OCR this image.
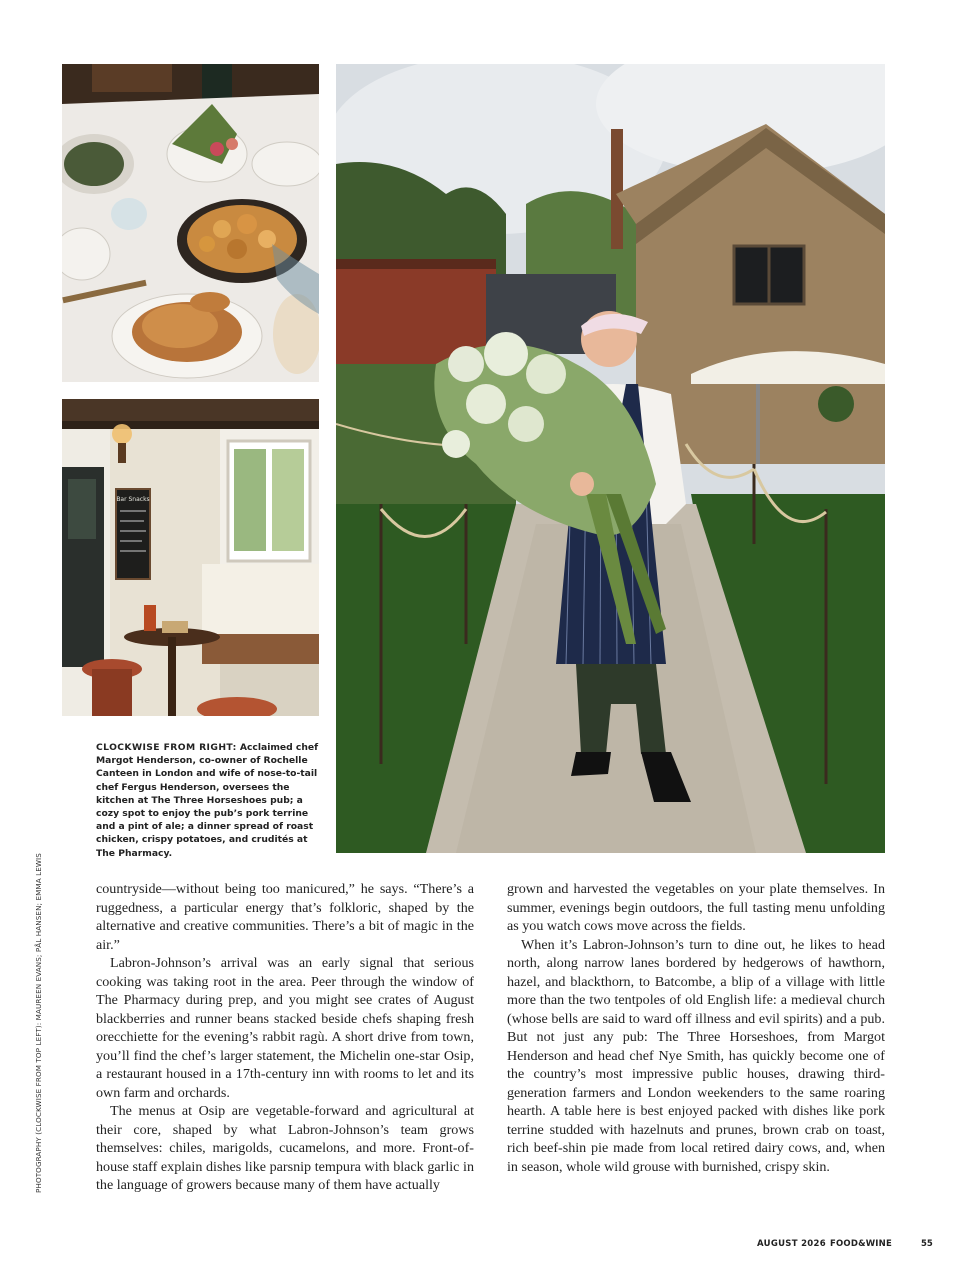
Bar Snacks
CLOCKWISE FROM RIGHT: Acclaimed chef Margot Henderson, co-owner of Rochelle Canteen in London and wife of nose-to-tail chef Fergus Henderson, oversees the kitchen at The Three Horseshoes pub; a cozy spot to enjoy the pub’s pork terrine and a pint of ale; a dinner spread of roast chicken, crispy potatoes, and crudités at The Pharmacy.
PHOTOGRAPHY (CLOCKWISE FROM TOP LEFT): MAUREEN EVANS; PÅL HANSEN; EMMA LEWIS	countryside—without being too manicured,” he says. “There’s a ruggedness, a particular energy that’s folkloric, shaped by the alternative and creative communities. There’s a bit of magic in the air.”

Labron-Johnson’s arrival was an early signal that serious cooking was taking root in the area. Peer through the window of The Pharmacy during prep, and you might see crates of August blackberries and runner beans stacked beside chefs shaping fresh orecchiette for the evening’s rabbit ragù. A short drive from town, you’ll find the chef’s larger statement, the Michelin one-star Osip, a restaurant housed in a 17th-century inn with rooms to let and its own farm and orchards.

The menus at Osip are vegetable-forward and agricultural at their core, shaped by what Labron-Johnson’s team grows themselves: chiles, marigolds, cucamelons, and more. Front-of-house staff explain dishes like parsnip tempura with black garlic in the language of growers because many of them have actually

grown and harvested the vegetables on your plate themselves. In summer, evenings begin outdoors, the full tasting menu unfolding as you watch cows move across the fields.

When it’s Labron-Johnson’s turn to dine out, he likes to head north, along narrow lanes bordered by hedgerows of hawthorn, hazel, and blackthorn, to Batcombe, a blip of a village with little more than the two tentpoles of old English life: a medieval church (whose bells are said to ward off illness and evil spirits) and a pub. But not just any pub: The Three Horseshoes, from Margot Henderson and head chef Nye Smith, has quickly become one of the country’s most impressive public houses, drawing third-generation farmers and London weekenders to the same roaring hearth. A table here is best enjoyed packed with dishes like pork terrine studded with hazelnuts and prunes, brown crab on toast, rich beef-shin pie made from local retired dairy cows, and, when in season, whole wild grouse with burnished, crispy skin.

AUGUST 2026 FOOD&WINE	55
